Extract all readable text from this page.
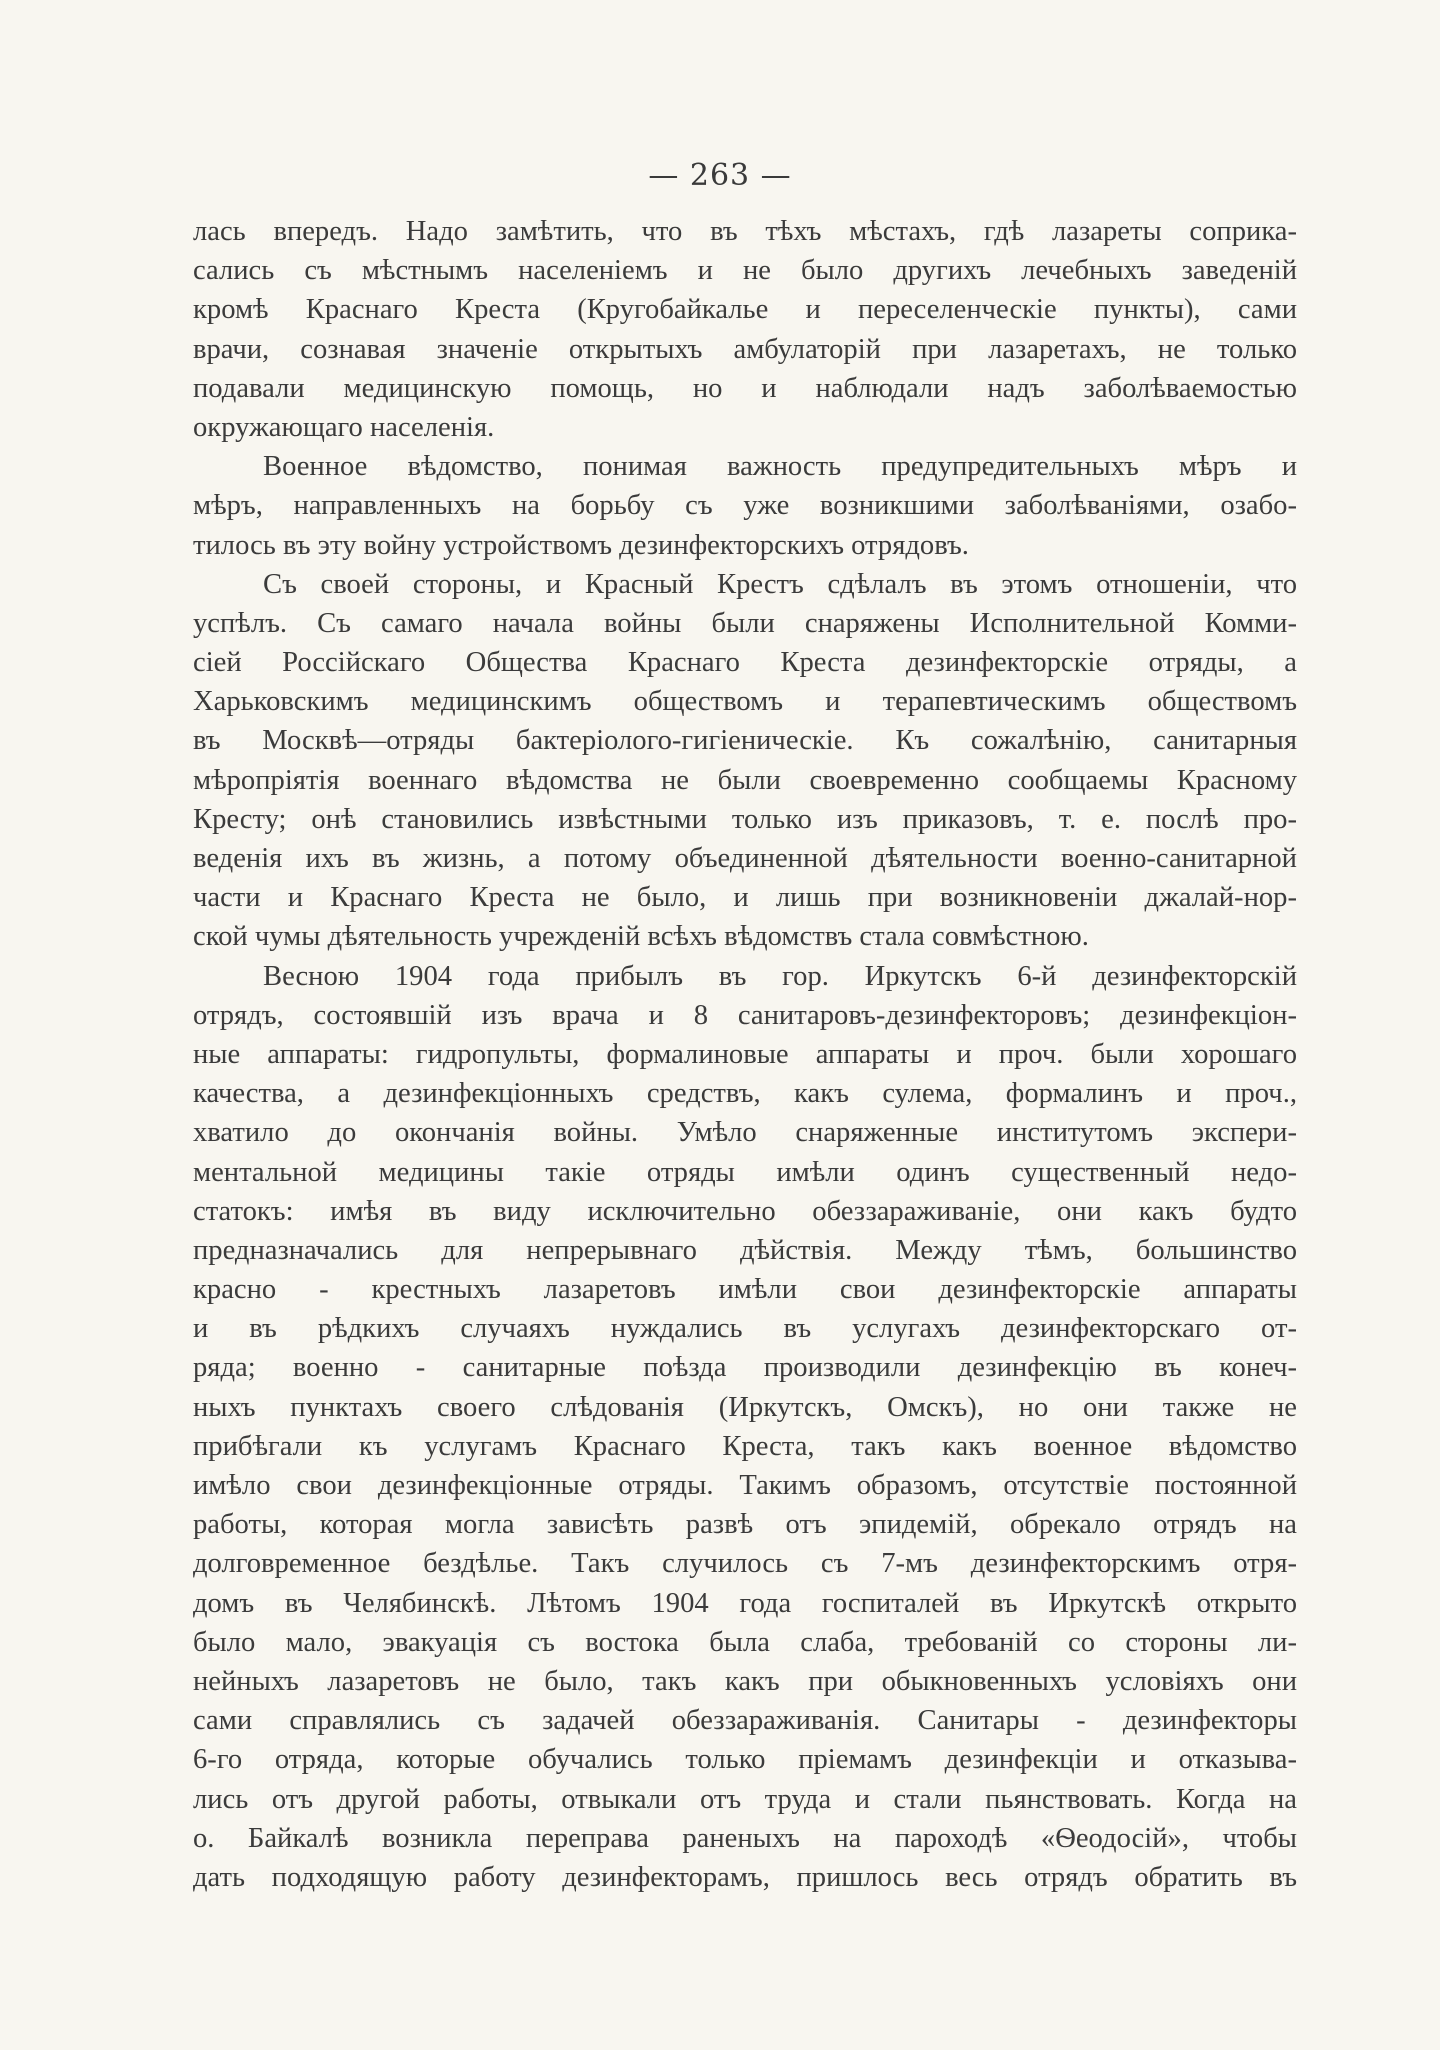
— 263 —
лась впередъ. Надо замѣтить, что въ тѣхъ мѣстахъ, гдѣ лазареты соприка-
сались съ мѣстнымъ населеніемъ и не было другихъ лечебныхъ заведеній
кромѣ Краснаго Креста (Кругобайкалье и переселенческіе пункты), сами
врачи, сознавая значеніе открытыхъ амбулаторій при лазаретахъ, не только
подавали медицинскую помощь, но и наблюдали надъ заболѣваемостью
окружающаго населенія.
Военное вѣдомство, понимая важность предупредительныхъ мѣръ и
мѣръ, направленныхъ на борьбу съ уже возникшими заболѣваніями, озабо-
тилось въ эту войну устройствомъ дезинфекторскихъ отрядовъ.
Съ своей стороны, и Красный Крестъ сдѣлалъ въ этомъ отношеніи, что
успѣлъ. Съ самаго начала войны были снаряжены Исполнительной Комми-
сіей Россійскаго Общества Краснаго Креста дезинфекторскіе отряды, а
Харьковскимъ медицинскимъ обществомъ и терапевтическимъ обществомъ
въ Москвѣ—отряды бактеріолого-гигіеническіе. Къ сожалѣнію, санитарныя
мѣропріятія военнаго вѣдомства не были своевременно сообщаемы Красному
Кресту; онѣ становились извѣстными только изъ приказовъ, т. е. послѣ про-
веденія ихъ въ жизнь, а потому объединенной дѣятельности военно-санитарной
части и Краснаго Креста не было, и лишь при возникновеніи джалай-нор-
ской чумы дѣятельность учрежденій всѣхъ вѣдомствъ стала совмѣстною.
Весною 1904 года прибылъ въ гор. Иркутскъ 6-й дезинфекторскій
отрядъ, состоявшій изъ врача и 8 санитаровъ-дезинфекторовъ; дезинфекціон-
ные аппараты: гидропульты, формалиновые аппараты и проч. были хорошаго
качества, а дезинфекціонныхъ средствъ, какъ сулема, формалинъ и проч.,
хватило до окончанія войны. Умѣло снаряженные институтомъ экспери-
ментальной медицины такіе отряды имѣли одинъ существенный недо-
статокъ: имѣя въ виду исключительно обеззараживаніе, они какъ будто
предназначались для непрерывнаго дѣйствія. Между тѣмъ, большинство
красно - крестныхъ лазаретовъ имѣли свои дезинфекторскіе аппараты
и въ рѣдкихъ случаяхъ нуждались въ услугахъ дезинфекторскаго от-
ряда; военно - санитарные поѣзда производили дезинфекцію въ конеч-
ныхъ пунктахъ своего слѣдованія (Иркутскъ, Омскъ), но они также не
прибѣгали къ услугамъ Краснаго Креста, такъ какъ военное вѣдомство
имѣло свои дезинфекціонные отряды. Такимъ образомъ, отсутствіе постоянной
работы, которая могла зависѣть развѣ отъ эпидемій, обрекало отрядъ на
долговременное бездѣлье. Такъ случилось съ 7-мъ дезинфекторскимъ отря-
домъ въ Челябинскѣ. Лѣтомъ 1904 года госпиталей въ Иркутскѣ открыто
было мало, эвакуація съ востока была слаба, требованій со стороны ли-
нейныхъ лазаретовъ не было, такъ какъ при обыкновенныхъ условіяхъ они
сами справлялись съ задачей обеззараживанія. Санитары - дезинфекторы
6-го отряда, которые обучались только пріемамъ дезинфекціи и отказыва-
лись отъ другой работы, отвыкали отъ труда и стали пьянствовать. Когда на
о. Байкалѣ возникла переправа раненыхъ на пароходѣ «Ѳеодосій», чтобы
дать подходящую работу дезинфекторамъ, пришлось весь отрядъ обратить въ
